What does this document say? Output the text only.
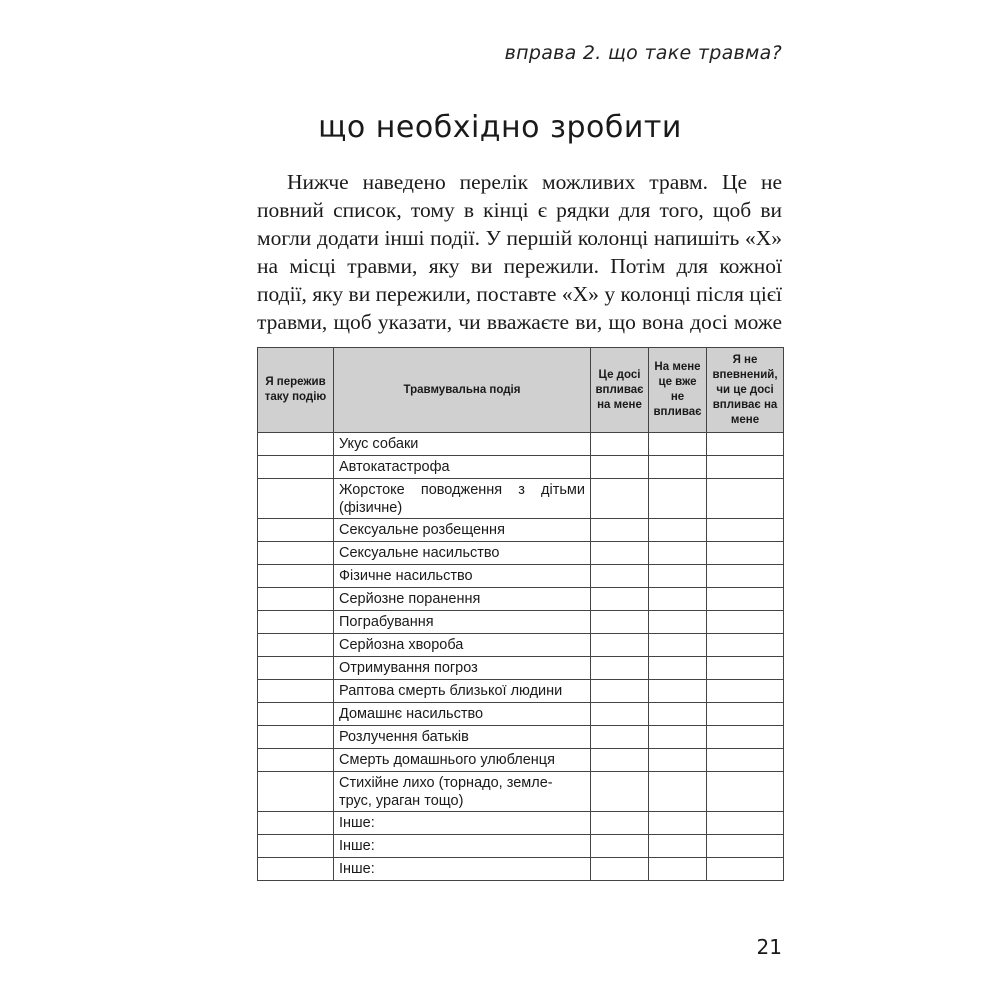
вправа 2. що таке травма?
що необхідно зробити

Нижче наведено перелік можливих травм. Це не повний список, тому в кінці є рядки для того, щоб ви могли додати інші події. У першій колонці напишіть «Х» на місці травми, яку ви пережили. Потім для кожної події, яку ви пережили, поставте «Х» у колонці після цієї травми, щоб указати, чи вважаєте ви, що вона досі може

Я пережив таку подію	Травмувальна подія	Це досі впливає на мене	На мене це вже не впливає	Я не впевнений, чи це досі впливає на мене
	Укус собаки			
	Автокатастрофа			
	Жорстоке поводження з дітьми (фізичне)			
	Сексуальне розбещення			
	Сексуальне насильство			
	Фізичне насильство			
	Серйозне поранення			
	Пограбування			
	Серйозна хвороба			
	Отримування погроз			
	Раптова смерть близької людини			
	Домашнє насильство			
	Розлучення батьків			
	Смерть домашнього улюбленця			
	Стихійне лихо (торнадо, земле-трус, ураган тощо)			
	Інше:			
	Інше:			
	Інше:			
21
